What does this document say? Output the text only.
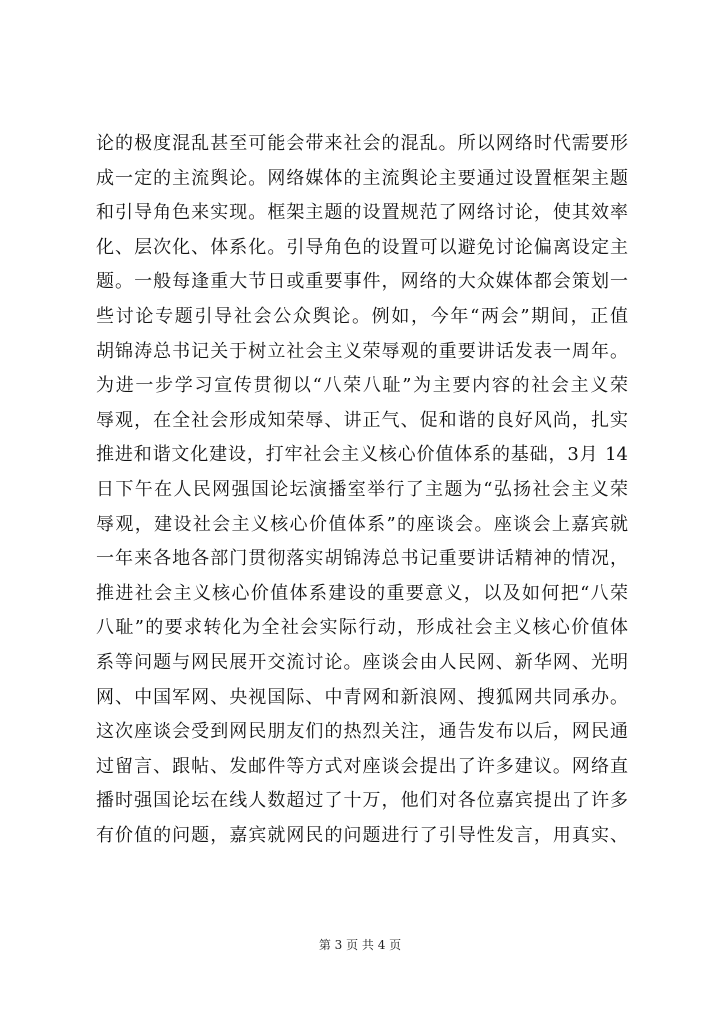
论的极度混乱甚至可能会带来社会的混乱。所以网络时代需要形
成一定的主流舆论。网络媒体的主流舆论主要通过设置框架主题
和引导角色来实现。框架主题的设置规范了网络讨论，使其效率
化、层次化、体系化。引导角色的设置可以避免讨论偏离设定主
题。一般每逢重大节日或重要事件，网络的大众媒体都会策划一
些讨论专题引导社会公众舆论。例如，今年“两会”期间，正值
胡锦涛总书记关于树立社会主义荣辱观的重要讲话发表一周年。
为进一步学习宣传贯彻以“八荣八耻”为主要内容的社会主义荣
辱观，在全社会形成知荣辱、讲正气、促和谐的良好风尚，扎实
推进和谐文化建设，打牢社会主义核心价值体系的基础，3月 14
日下午在人民网强国论坛演播室举行了主题为“弘扬社会主义荣
辱观，建设社会主义核心价值体系”的座谈会。座谈会上嘉宾就
一年来各地各部门贯彻落实胡锦涛总书记重要讲话精神的情况，
推进社会主义核心价值体系建设的重要意义，以及如何把“八荣
八耻”的要求转化为全社会实际行动，形成社会主义核心价值体
系等问题与网民展开交流讨论。座谈会由人民网、新华网、光明
网、中国军网、央视国际、中青网和新浪网、搜狐网共同承办。
这次座谈会受到网民朋友们的热烈关注，通告发布以后，网民通
过留言、跟帖、发邮件等方式对座谈会提出了许多建议。网络直
播时强国论坛在线人数超过了十万，他们对各位嘉宾提出了许多
有价值的问题，嘉宾就网民的问题进行了引导性发言，用真实、
第 3 页 共 4 页
